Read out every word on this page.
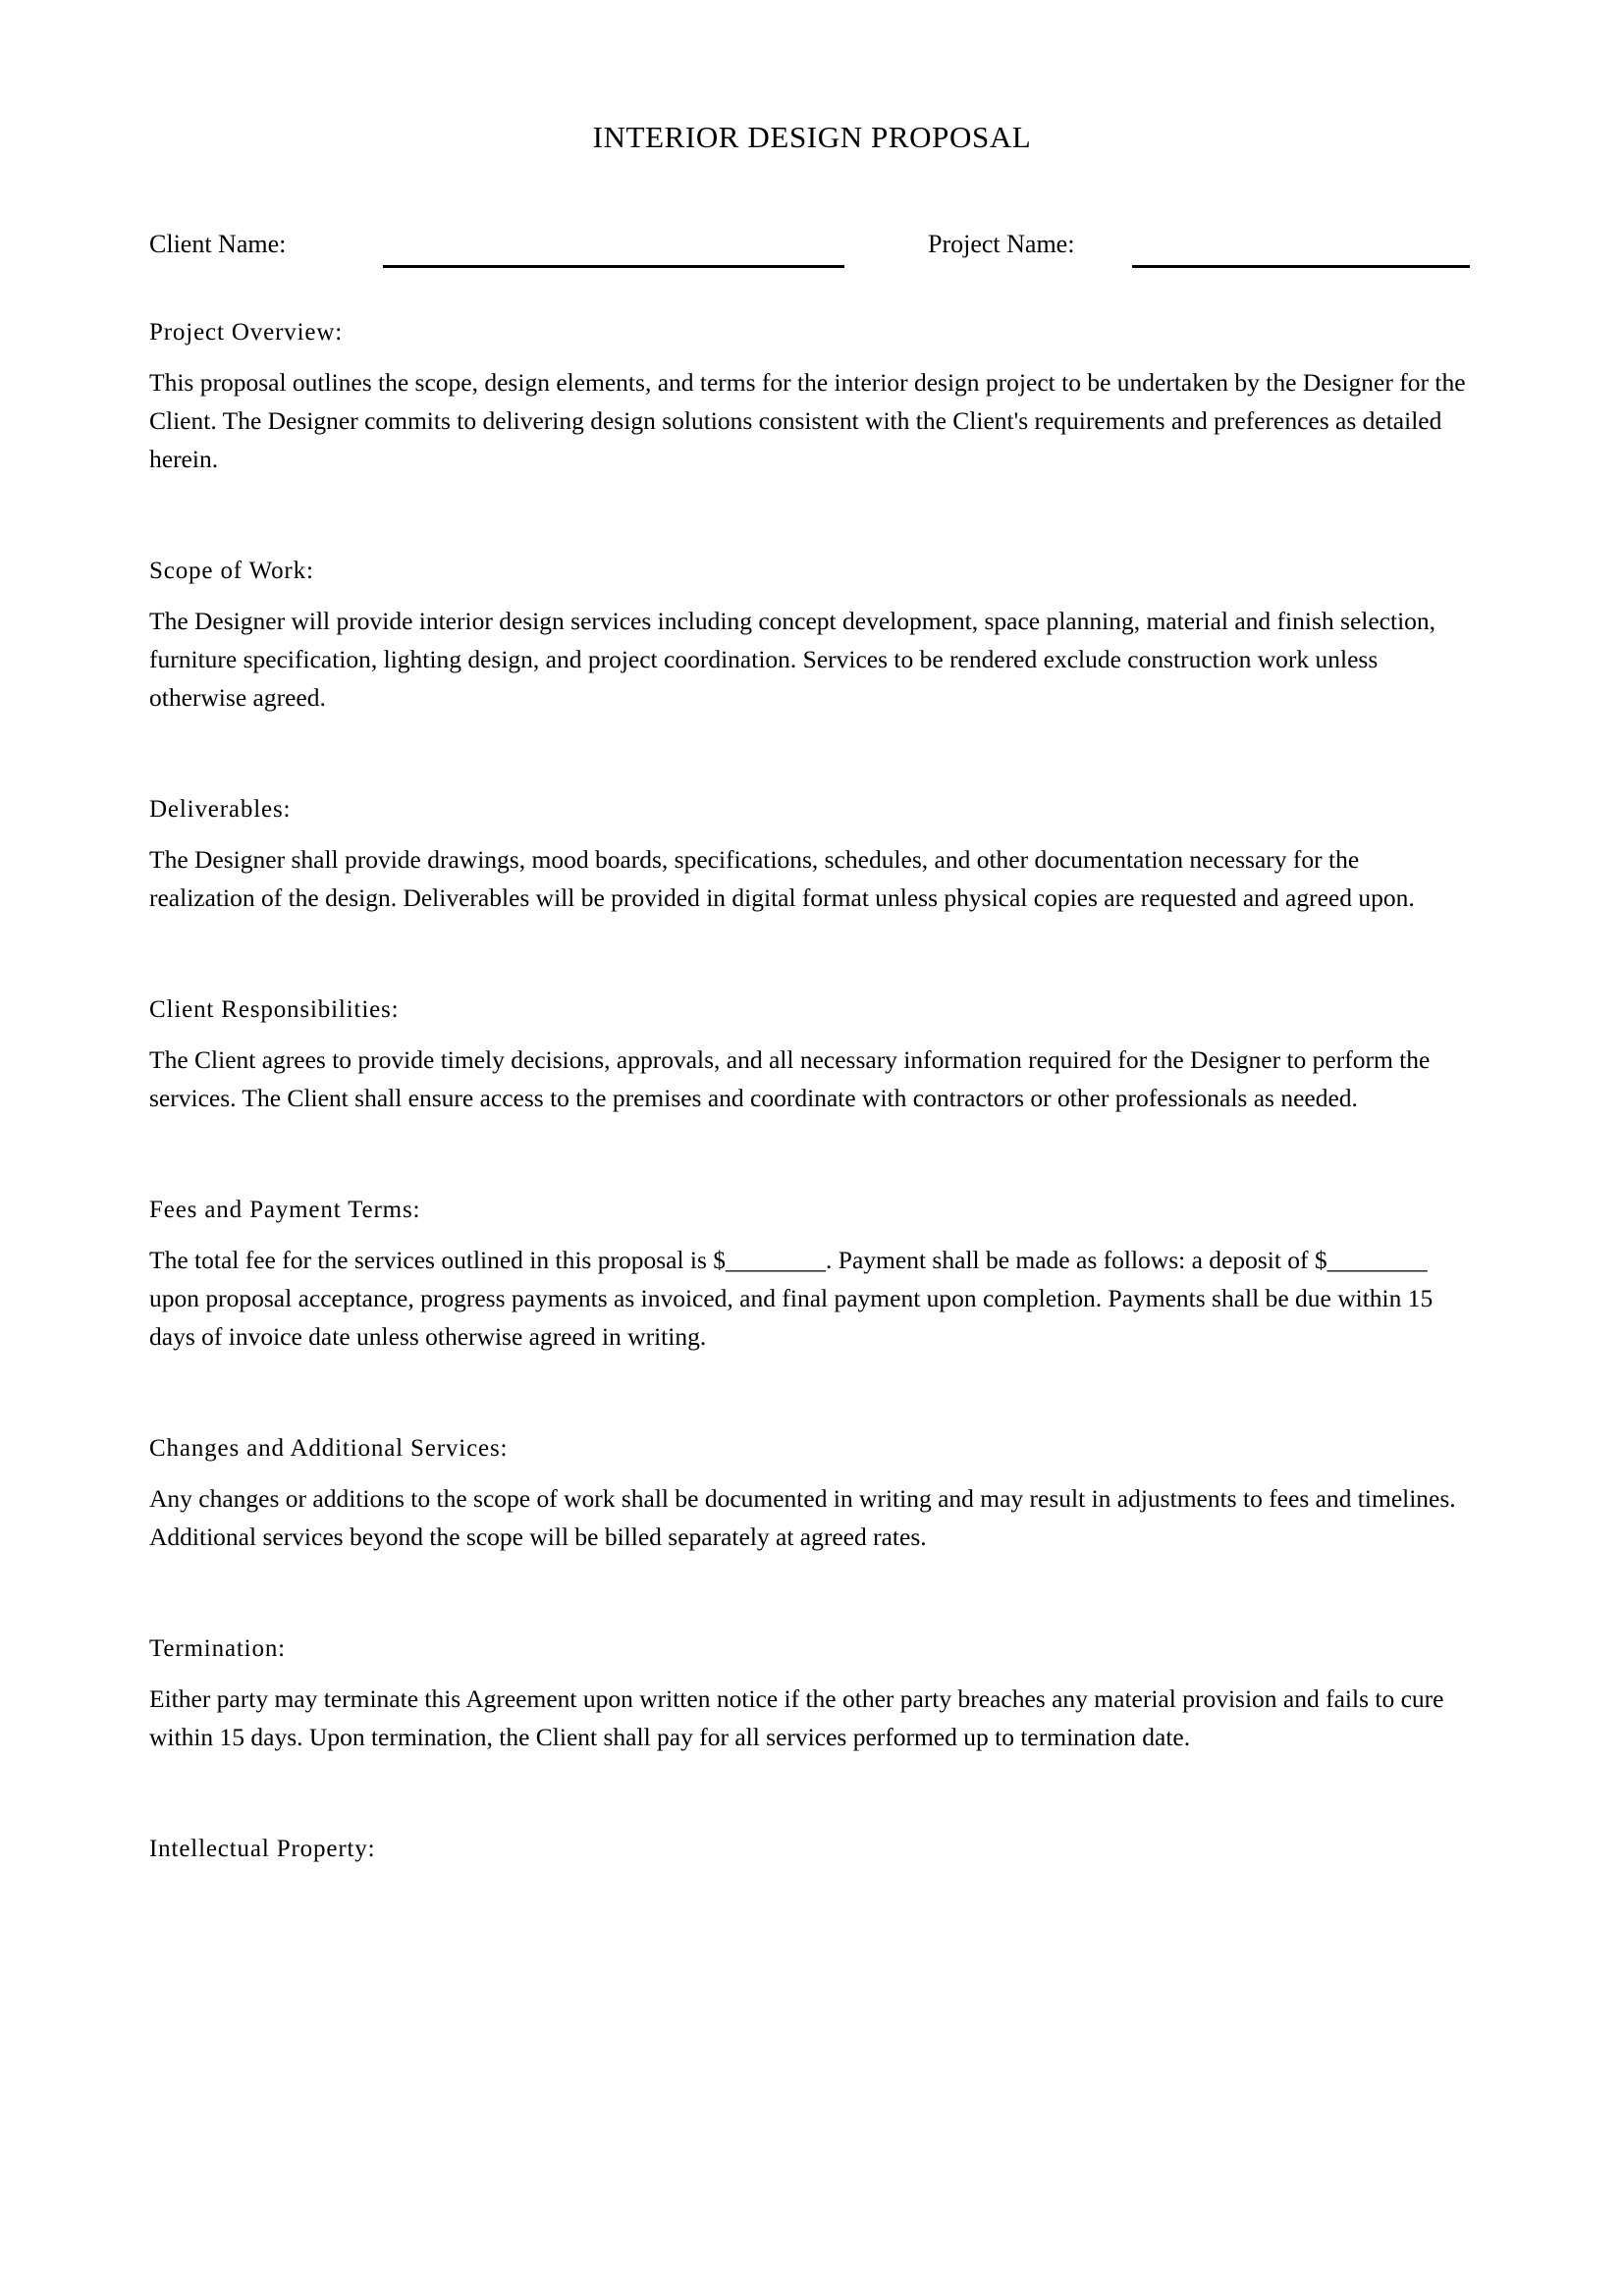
INTERIOR DESIGN PROPOSAL
Client Name:	Project Name:
Project Overview:

This proposal outlines the scope, design elements, and terms for the interior design project to be undertaken by the Designer for the Client. The Designer commits to delivering design solutions consistent with the Client's requirements and preferences as detailed herein.

Scope of Work:

The Designer will provide interior design services including concept development, space planning, material and finish selection, furniture specification, lighting design, and project coordination. Services to be rendered exclude construction work unless otherwise agreed.

Deliverables:

The Designer shall provide drawings, mood boards, specifications, schedules, and other documentation necessary for the realization of the design. Deliverables will be provided in digital format unless physical copies are requested and agreed upon.

Client Responsibilities:

The Client agrees to provide timely decisions, approvals, and all necessary information required for the Designer to perform the services. The Client shall ensure access to the premises and coordinate with contractors or other professionals as needed.

Fees and Payment Terms:

The total fee for the services outlined in this proposal is $________. Payment shall be made as follows: a deposit of $________ upon proposal acceptance, progress payments as invoiced, and final payment upon completion. Payments shall be due within 15 days of invoice date unless otherwise agreed in writing.

Changes and Additional Services:

Any changes or additions to the scope of work shall be documented in writing and may result in adjustments to fees and timelines. Additional services beyond the scope will be billed separately at agreed rates.

Termination:

Either party may terminate this Agreement upon written notice if the other party breaches any material provision and fails to cure within 15 days. Upon termination, the Client shall pay for all services performed up to termination date.

Intellectual Property:
